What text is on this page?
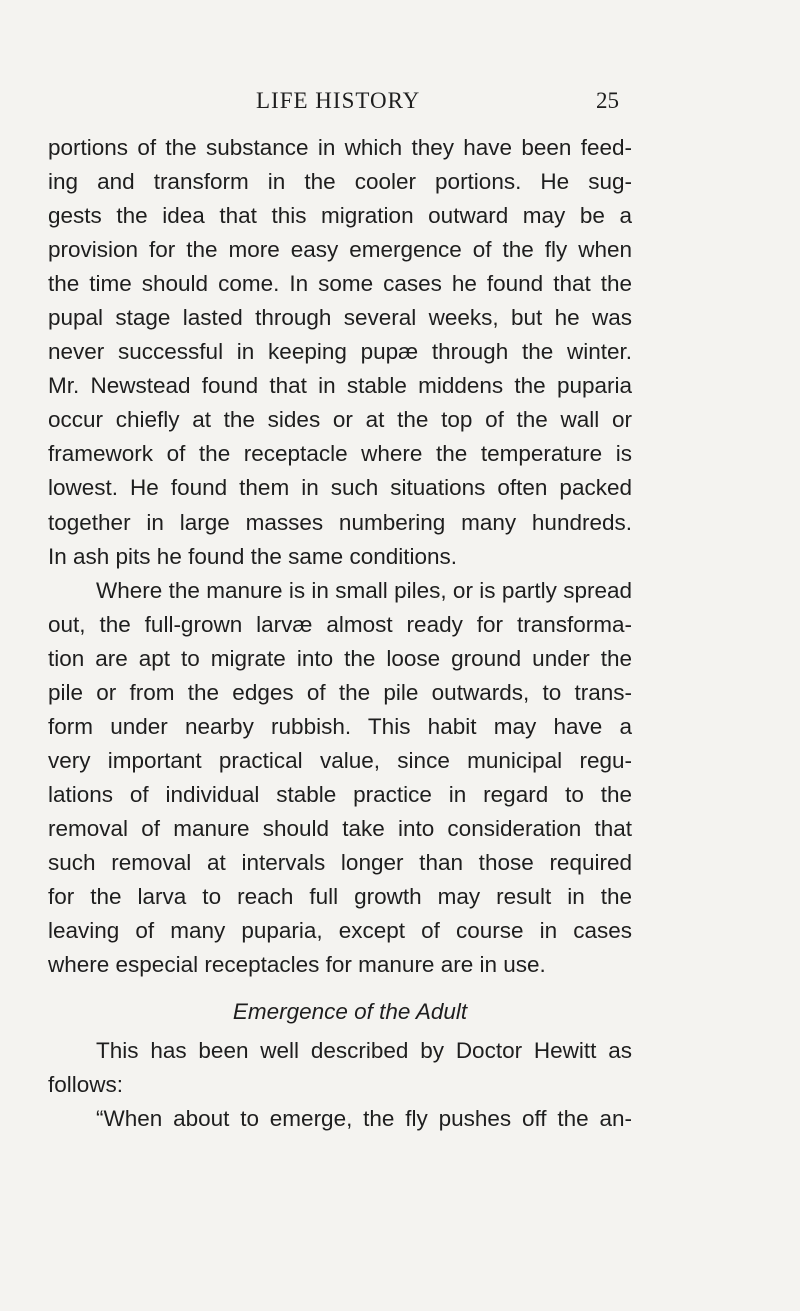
LIFE HISTORY	25
portions of the substance in which they have been feed-
ing and transform in the cooler portions. He sug-
gests the idea that this migration outward may be a
provision for the more easy emergence of the fly when
the time should come. In some cases he found that the
pupal stage lasted through several weeks, but he was
never successful in keeping pupæ through the winter.
Mr. Newstead found that in stable middens the puparia
occur chiefly at the sides or at the top of the wall or
framework of the receptacle where the temperature is
lowest. He found them in such situations often packed
together in large masses numbering many hundreds.
In ash pits he found the same conditions.
Where the manure is in small piles, or is partly spread
out, the full-grown larvæ almost ready for transforma-
tion are apt to migrate into the loose ground under the
pile or from the edges of the pile outwards, to trans-
form under nearby rubbish. This habit may have a
very important practical value, since municipal regu-
lations of individual stable practice in regard to the
removal of manure should take into consideration that
such removal at intervals longer than those required
for the larva to reach full growth may result in the
leaving of many puparia, except of course in cases
where especial receptacles for manure are in use.
Emergence of the Adult
This has been well described by Doctor Hewitt as
follows:
“When about to emerge, the fly pushes off the an-
